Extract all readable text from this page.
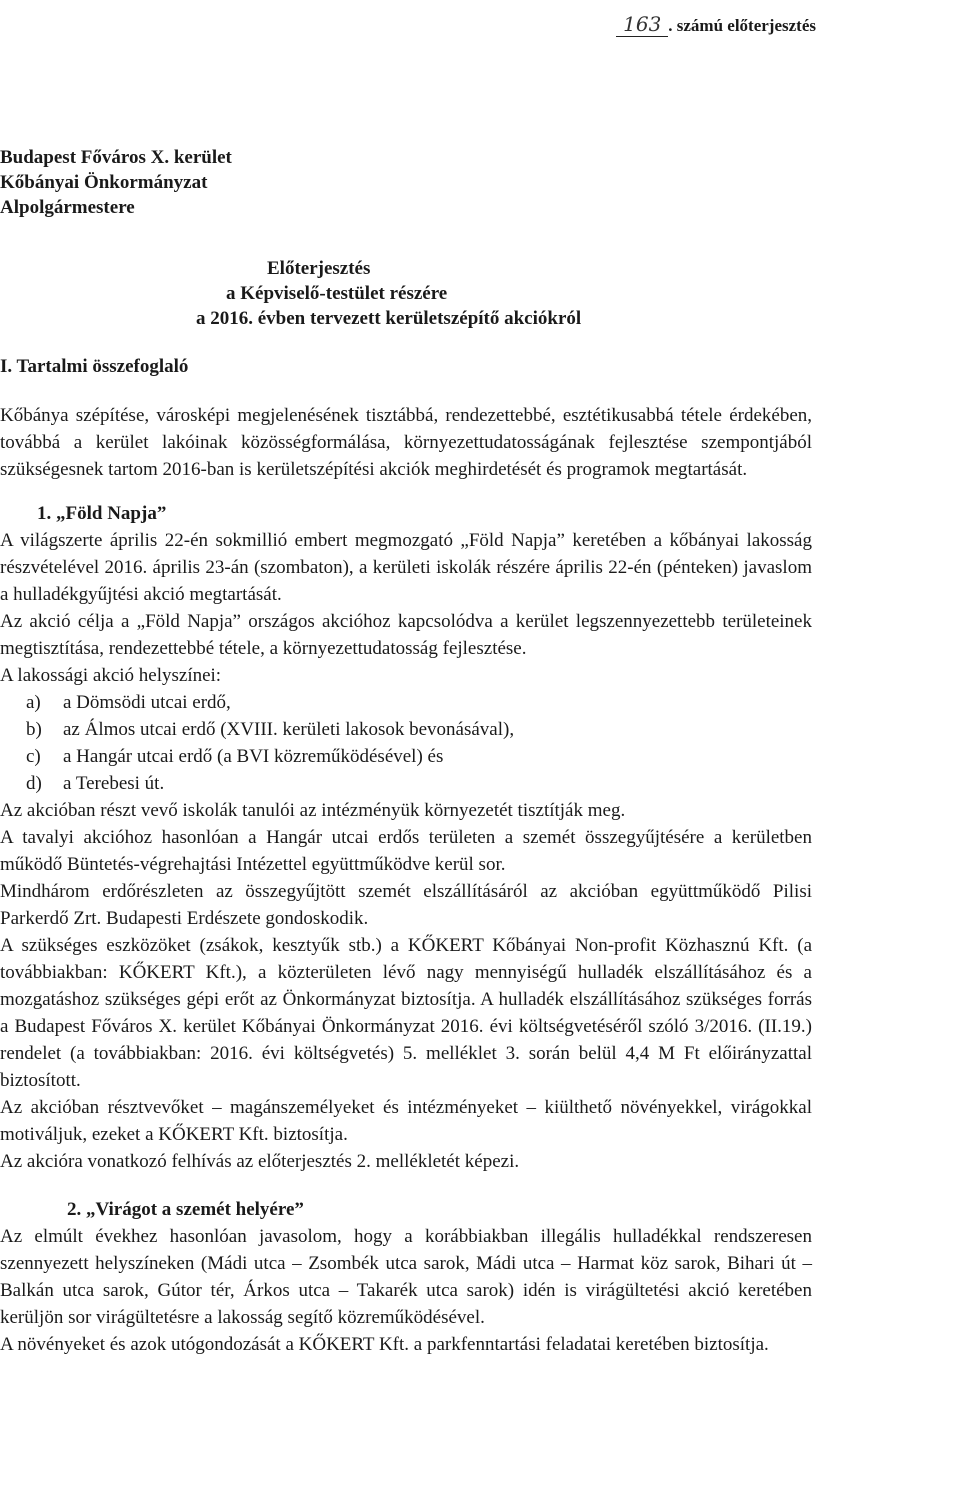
163 . számú előterjesztés
Budapest Főváros X. kerület
Kőbányai Önkormányzat
Alpolgármestere
Előterjesztés
a Képviselő-testület részére
a 2016. évben tervezett kerületszépítő akciókról
I. Tartalmi összefoglaló

Kőbánya szépítése, városképi megjelenésének tisztábbá, rendezettebbé, esztétikusabbá tétele érdekében, továbbá a kerület lakóinak közösségformálása, környezettudatosságának fejlesztése szempontjából szükségesnek tartom 2016-ban is kerületszépítési akciók meghirdetését és programok megtartását.

1. „Föld Napja”

A világszerte április 22-én sokmillió embert megmozgató „Föld Napja” keretében a kőbányai lakosság részvételével 2016. április 23-án (szombaton), a kerületi iskolák részére április 22-én (pénteken) javaslom a hulladékgyűjtési akció megtartását.

Az akció célja a „Föld Napja” országos akcióhoz kapcsolódva a kerület legszennyezettebb területeinek megtisztítása, rendezettebbé tétele, a környezettudatosság fejlesztése.

A lakossági akció helyszínei:

a) a Dömsödi utcai erdő,
b) az Álmos utcai erdő (XVIII. kerületi lakosok bevonásával),
c) a Hangár utcai erdő (a BVI közreműködésével) és
d) a Terebesi út.

Az akcióban részt vevő iskolák tanulói az intézményük környezetét tisztítják meg.

A tavalyi akcióhoz hasonlóan a Hangár utcai erdős területen a szemét összegyűjtésére a kerületben működő Büntetés-végrehajtási Intézettel együttműködve kerül sor.

Mindhárom erdőrészleten az összegyűjtött szemét elszállításáról az akcióban együttműködő Pilisi Parkerdő Zrt. Budapesti Erdészete gondoskodik.

A szükséges eszközöket (zsákok, kesztyűk stb.) a KŐKERT Kőbányai Non-profit Közhasznú Kft. (a továbbiakban: KŐKERT Kft.), a közterületen lévő nagy mennyiségű hulladék elszállításához és a mozgatáshoz szükséges gépi erőt az Önkormányzat biztosítja. A hulladék elszállításához szükséges forrás a Budapest Főváros X. kerület Kőbányai Önkormányzat 2016. évi költségvetéséről szóló 3/2016. (II.19.) rendelet (a továbbiakban: 2016. évi költségvetés) 5. melléklet 3. során belül 4,4 M Ft előirányzattal biztosított.

Az akcióban résztvevőket – magánszemélyeket és intézményeket – kiülthető növényekkel, virágokkal motiváljuk, ezeket a KŐKERT Kft. biztosítja.

Az akcióra vonatkozó felhívás az előterjesztés 2. mellékletét képezi.

2. „Virágot a szemét helyére”

Az elmúlt évekhez hasonlóan javasolom, hogy a korábbiakban illegális hulladékkal rendszeresen szennyezett helyszíneken (Mádi utca – Zsombék utca sarok, Mádi utca – Harmat köz sarok, Bihari út – Balkán utca sarok, Gútor tér, Árkos utca – Takarék utca sarok) idén is virágültetési akció keretében kerüljön sor virágültetésre a lakosság segítő közreműködésével.

A növényeket és azok utógondozását a KŐKERT Kft. a parkfenntartási feladatai keretében biztosítja.
